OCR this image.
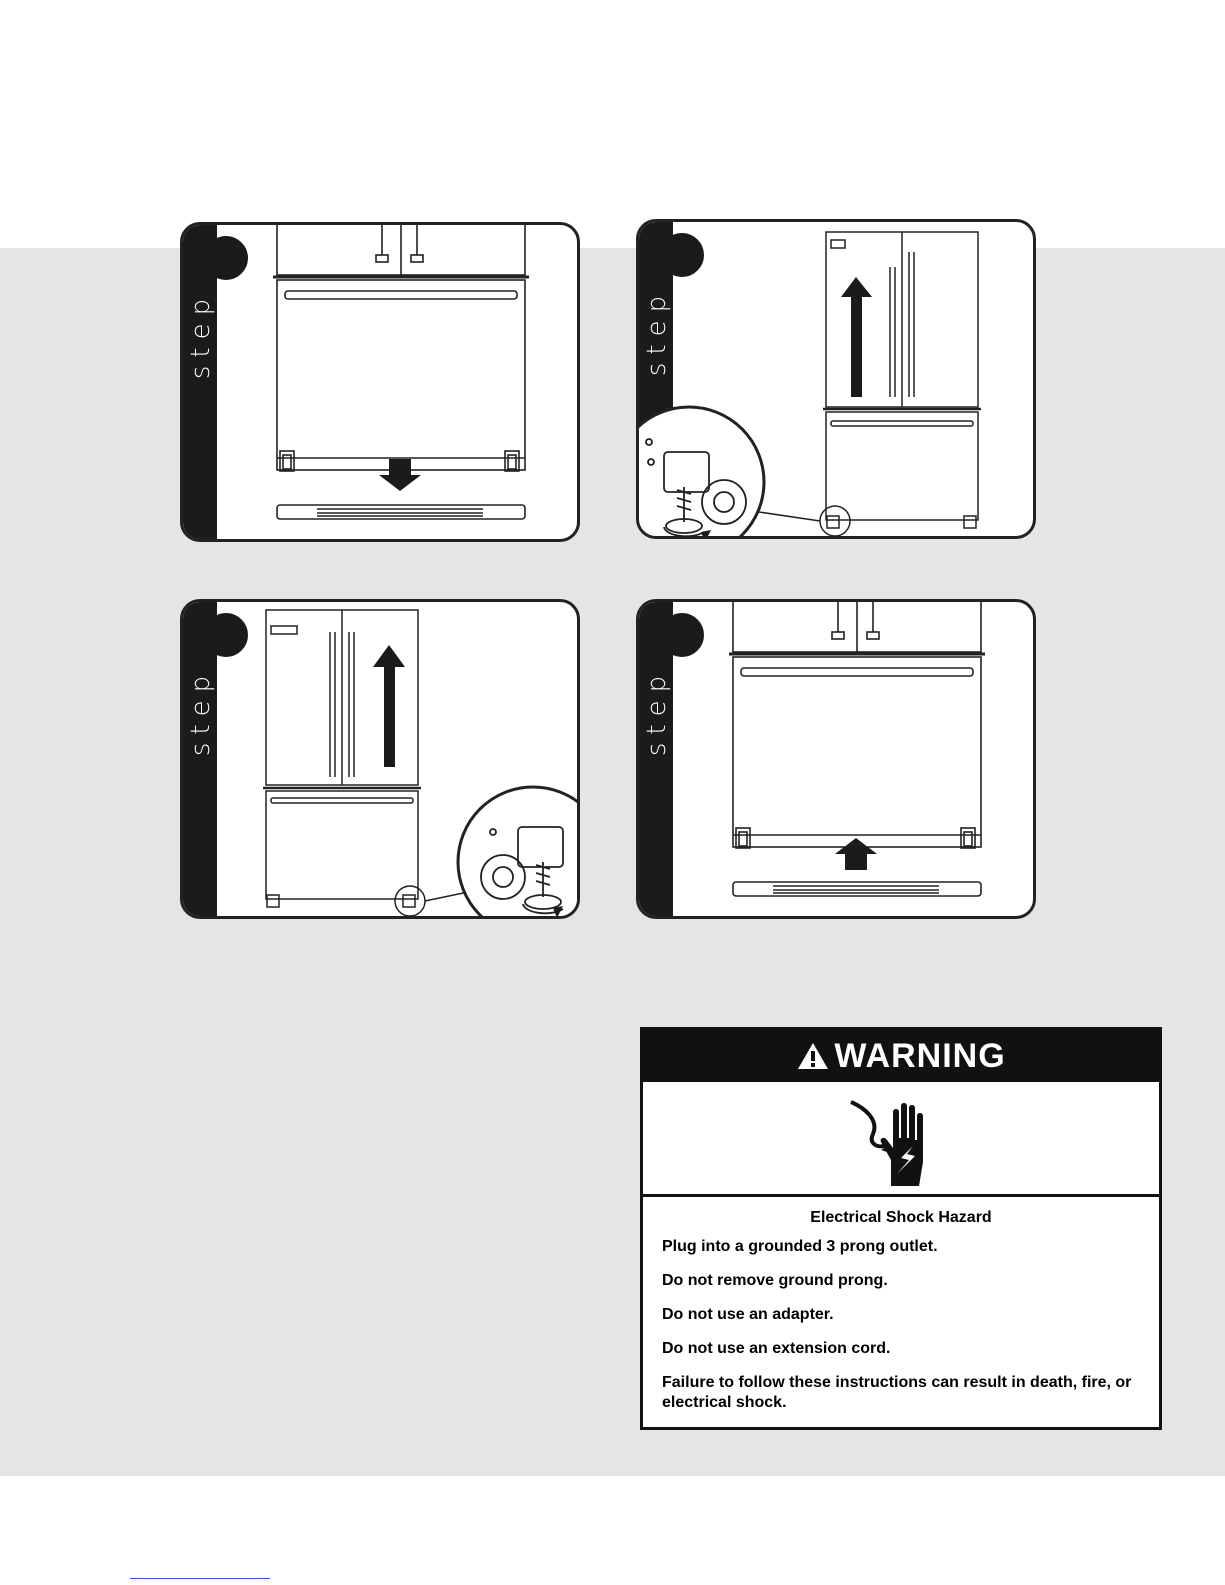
step	step
step	step
WARNING
Electrical Shock Hazard
Plug into a grounded 3 prong outlet.
Do not remove ground prong.
Do not use an adapter.
Do not use an extension cord.
Failure to follow these instructions can result in death, fire, or electrical shock.
